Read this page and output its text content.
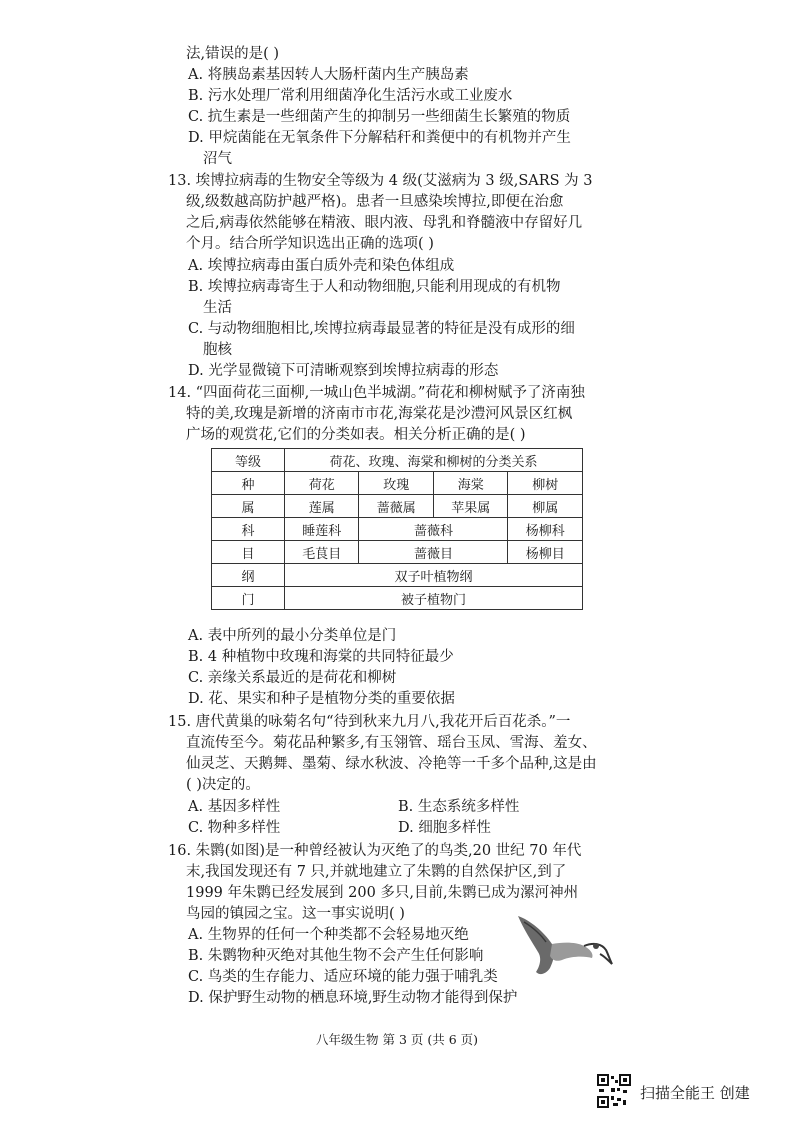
法,错误的是( )
A. 将胰岛素基因转人大肠杆菌内生产胰岛素
B. 污水处理厂常利用细菌净化生活污水或工业废水
C. 抗生素是一些细菌产生的抑制另一些细菌生长繁殖的物质
D. 甲烷菌能在无氧条件下分解秸秆和粪便中的有机物并产生
沼气
13. 埃博拉病毒的生物安全等级为 4 级(艾滋病为 3 级,SARS 为 3
级,级数越高防护越严格)。患者一旦感染埃博拉,即便在治愈
之后,病毒依然能够在精液、眼内液、母乳和脊髓液中存留好几
个月。结合所学知识选出正确的选项( )
A. 埃博拉病毒由蛋白质外壳和染色体组成
B. 埃博拉病毒寄生于人和动物细胞,只能利用现成的有机物
生活
C. 与动物细胞相比,埃博拉病毒最显著的特征是没有成形的细
胞核
D. 光学显微镜下可清晰观察到埃博拉病毒的形态
14. “四面荷花三面柳,一城山色半城湖。”荷花和柳树赋予了济南独
特的美,玫瑰是新增的济南市市花,海棠花是沙澧河风景区红枫
广场的观赏花,它们的分类如表。相关分析正确的是( )
等级	荷花、玫瑰、海棠和柳树的分类关系			
种	荷花	玫瑰	海棠	柳树
属	莲属	蔷薇属	苹果属	柳属
科	睡莲科	蔷薇科		杨柳科
目	毛茛目	蔷薇目		杨柳目
纲	双子叶植物纲			
门	被子植物门			
A. 表中所列的最小分类单位是门
B. 4 种植物中玫瑰和海棠的共同特征最少
C. 亲缘关系最近的是荷花和柳树
D. 花、果实和种子是植物分类的重要依据
15. 唐代黄巢的咏菊名句“待到秋来九月八,我花开后百花杀。”一
直流传至今。菊花品种繁多,有玉翎管、瑶台玉凤、雪海、羞女、
仙灵芝、天鹅舞、墨菊、绿水秋波、冷艳等一千多个品种,这是由
( )决定的。
A. 基因多样性	B. 生态系统多样性
C. 物种多样性	D. 细胞多样性
16. 朱鹮(如图)是一种曾经被认为灭绝了的鸟类,20 世纪 70 年代
末,我国发现还有 7 只,并就地建立了朱鹮的自然保护区,到了
1999 年朱鹮已经发展到 200 多只,目前,朱鹮已成为漯河神州
鸟园的镇园之宝。这一事实说明( )
A. 生物界的任何一个种类都不会轻易地灭绝
B. 朱鹮物种灭绝对其他生物不会产生任何影响
C. 鸟类的生存能力、适应环境的能力强于哺乳类
D. 保护野生动物的栖息环境,野生动物才能得到保护
八年级生物 第 3 页 (共 6 页)
扫描全能王 创建
